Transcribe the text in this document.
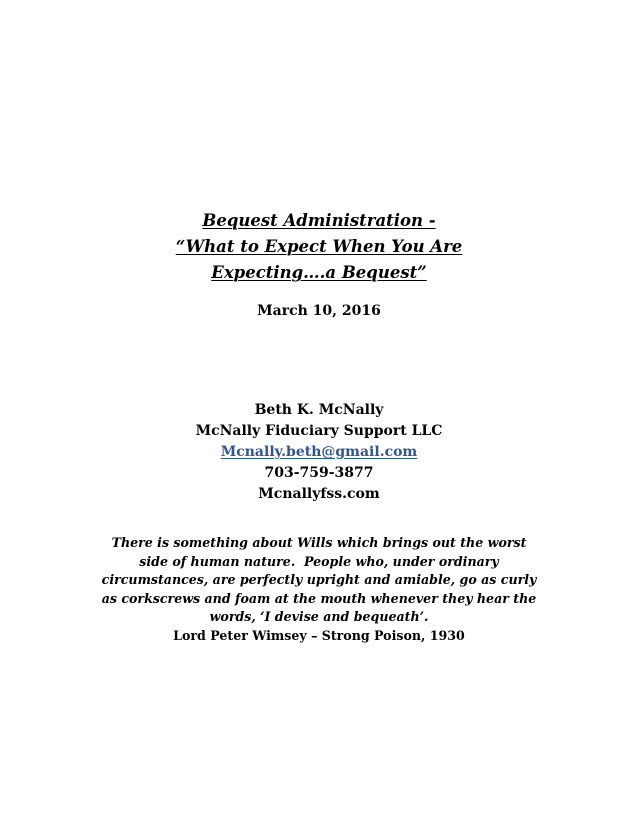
Bequest Administration -
“What to Expect When You Are
Expecting….a Bequest”
March 10, 2016
Beth K. McNally
McNally Fiduciary Support LLC
Mcnally.beth@gmail.com
703-759-3877
Mcnallyfss.com
There is something about Wills which brings out the worst
side of human nature.  People who, under ordinary
circumstances, are perfectly upright and amiable, go as curly
as corkscrews and foam at the mouth whenever they hear the
words, ‘I devise and bequeath’.
Lord Peter Wimsey – Strong Poison, 1930
